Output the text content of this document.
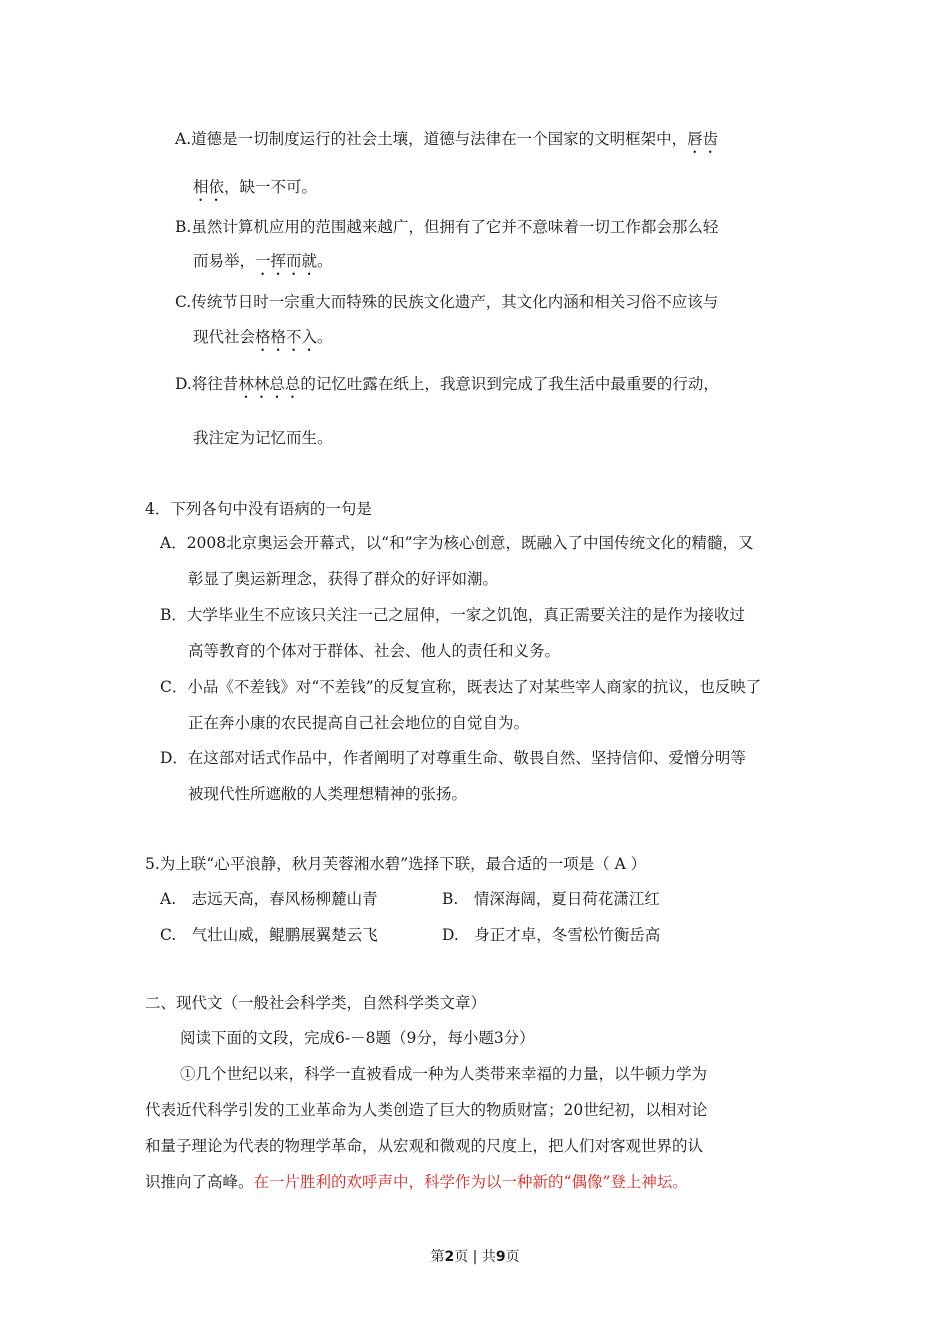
A.道德是一切制度运行的社会土壤，道德与法律在一个国家的文明框架中，唇齿
相依，缺一不可。
B.虽然计算机应用的范围越来越广，但拥有了它并不意味着一切工作都会那么轻
而易举，一挥而就。
C.传统节日时一宗重大而特殊的民族文化遗产，其文化内涵和相关习俗不应该与
现代社会格格不入。
D.将往昔林林总总的记忆吐露在纸上，我意识到完成了我生活中最重要的行动，
我注定为记忆而生。
4．下列各句中没有语病的一句是
A．2008北京奥运会开幕式，以“和”字为核心创意，既融入了中国传统文化的精髓，又
彰显了奥运新理念，获得了群众的好评如潮。
B．大学毕业生不应该只关注一己之屈伸，一家之饥饱，真正需要关注的是作为接收过
高等教育的个体对于群体、社会、他人的责任和义务。
C．小品《不差钱》对“不差钱”的反复宣称，既表达了对某些宰人商家的抗议，也反映了
正在奔小康的农民提高自己社会地位的自觉自为。
D．在这部对话式作品中，作者阐明了对尊重生命、敬畏自然、坚持信仰、爱憎分明等
被现代性所遮敝的人类理想精神的张扬。
5.为上联“心平浪静，秋月芙蓉湘水碧”选择下联，最合适的一项是（ A ）
A.　志远天高，春风杨柳麓山青	B.　情深海阔，夏日荷花潇江红
C.　气壮山威，鲲鹏展翼楚云飞	D.　身正才卓，冬雪松竹衡岳高
二、现代文（一般社会科学类，自然科学类文章）
阅读下面的文段，完成6-－8题（9分，每小题3分）
①几个世纪以来，科学一直被看成一种为人类带来幸福的力量，以牛顿力学为
代表近代科学引发的工业革命为人类创造了巨大的物质财富；20世纪初，以相对论
和量子理论为代表的物理学革命，从宏观和微观的尺度上，把人们对客观世界的认
识推向了高峰。在一片胜利的欢呼声中，科学作为以一种新的“偶像”登上神坛。
第2页 | 共9页
